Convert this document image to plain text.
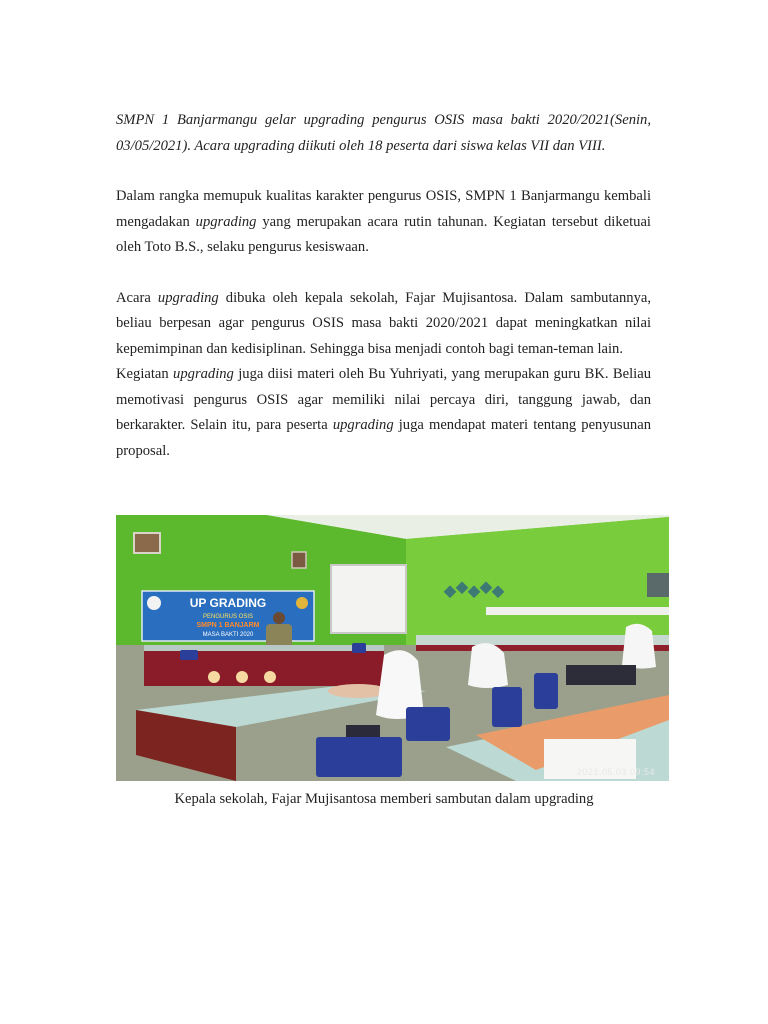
SMPN 1 Banjarmangu gelar upgrading pengurus OSIS masa bakti 2020/2021(Senin, 03/05/2021). Acara upgrading diikuti oleh 18 peserta dari siswa kelas VII dan VIII.

Dalam rangka memupuk kualitas karakter pengurus OSIS, SMPN 1 Banjarmangu kembali mengadakan upgrading yang merupakan acara rutin tahunan. Kegiatan tersebut diketuai oleh Toto B.S., selaku pengurus kesiswaan.

Acara upgrading dibuka oleh kepala sekolah, Fajar Mujisantosa. Dalam sambutannya, beliau berpesan agar pengurus OSIS masa bakti 2020/2021 dapat meningkatkan nilai kepemimpinan dan kedisiplinan. Sehingga bisa menjadi contoh bagi teman-teman lain.

Kegiatan upgrading juga diisi materi oleh Bu Yuhriyati, yang merupakan guru BK. Beliau memotivasi pengurus OSIS agar memiliki nilai percaya diri, tanggung jawab, dan berkarakter. Selain itu, para peserta upgrading juga mendapat materi tentang penyusunan proposal.

UP GRADING
PENGURUS OSIS
SMPN 1 BANJARM
MASA BAKTI 2020
2021.05.03 09:54
Kepala sekolah, Fajar Mujisantosa memberi sambutan dalam upgrading
